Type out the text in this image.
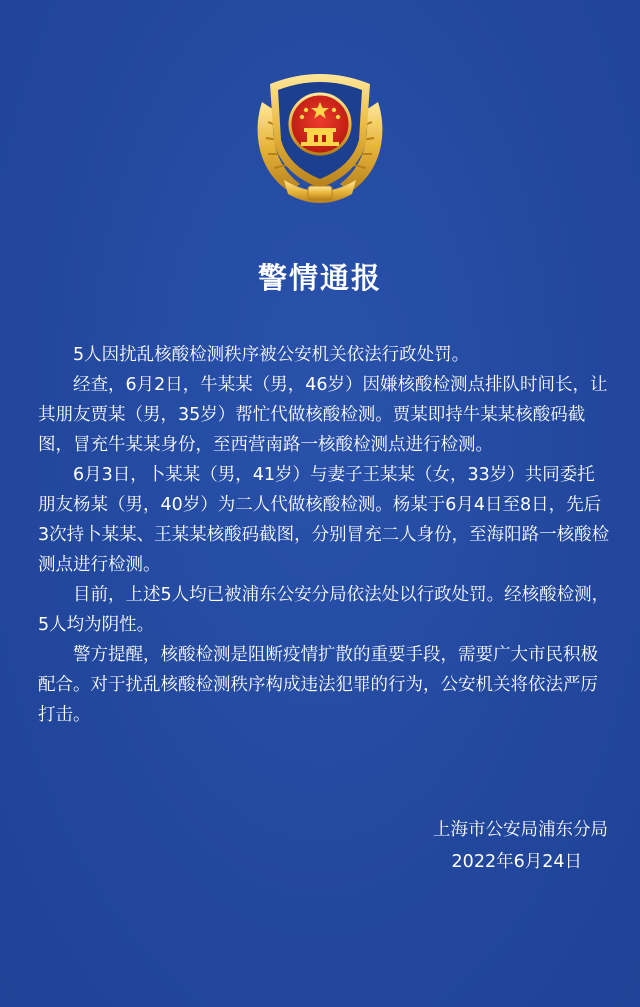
警情通报

5人因扰乱核酸检测秩序被公安机关依法行政处罚。

经查，6月2日，牛某某（男，46岁）因嫌核酸检测点排队时间长，让其朋友贾某（男，35岁）帮忙代做核酸检测。贾某即持牛某某核酸码截图，冒充牛某某身份，至西营南路一核酸检测点进行检测。

6月3日，卜某某（男，41岁）与妻子王某某（女，33岁）共同委托朋友杨某（男，40岁）为二人代做核酸检测。杨某于6月4日至8日，先后3次持卜某某、王某某核酸码截图，分别冒充二人身份，至海阳路一核酸检测点进行检测。

目前，上述5人均已被浦东公安分局依法处以行政处罚。经核酸检测，5人均为阴性。

警方提醒，核酸检测是阻断疫情扩散的重要手段，需要广大市民积极配合。对于扰乱核酸检测秩序构成违法犯罪的行为，公安机关将依法严厉打击。

上海市公安局浦东分局
2022年6月24日
